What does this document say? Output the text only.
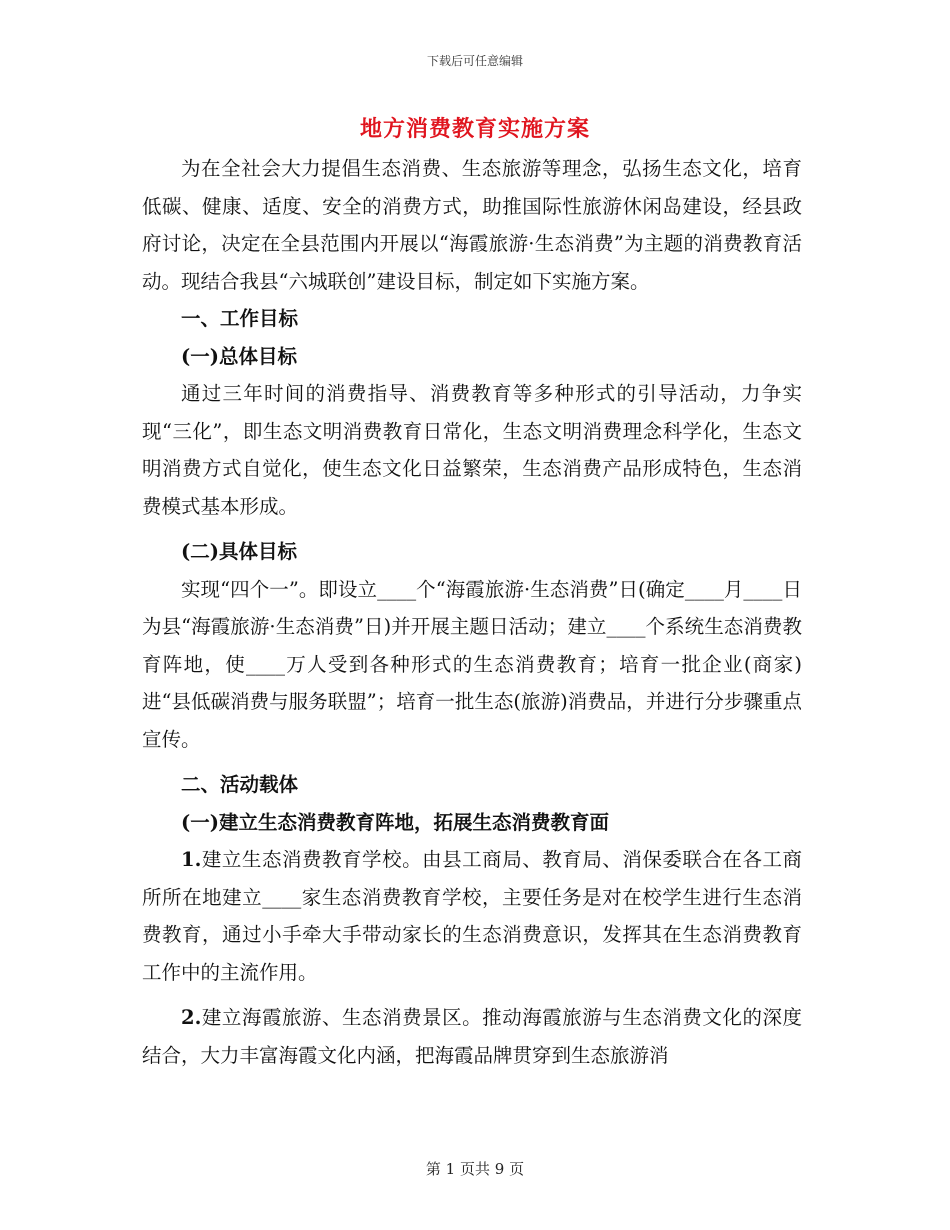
下载后可任意编辑
地方消费教育实施方案

为在全社会大力提倡生态消费、生态旅游等理念，弘扬生态文化，培育低碳、健康、适度、安全的消费方式，助推国际性旅游休闲岛建设，经县政府讨论，决定在全县范围内开展以“海霞旅游·生态消费”为主题的消费教育活动。现结合我县“六城联创”建设目标，制定如下实施方案。

一、工作目标

(一)总体目标

通过三年时间的消费指导、消费教育等多种形式的引导活动，力争实现“三化”，即生态文明消费教育日常化，生态文明消费理念科学化，生态文明消费方式自觉化，使生态文化日益繁荣，生态消费产品形成特色，生态消费模式基本形成。

(二)具体目标

实现“四个一”。即设立____个“海霞旅游·生态消费”日(确定____月____日为县“海霞旅游·生态消费”日)并开展主题日活动；建立____个系统生态消费教育阵地，使____万人受到各种形式的生态消费教育；培育一批企业(商家)进“县低碳消费与服务联盟”；培育一批生态(旅游)消费品，并进行分步骤重点宣传。

二、活动载体

(一)建立生态消费教育阵地，拓展生态消费教育面

1.建立生态消费教育学校。由县工商局、教育局、消保委联合在各工商所所在地建立____家生态消费教育学校，主要任务是对在校学生进行生态消费教育，通过小手牵大手带动家长的生态消费意识，发挥其在生态消费教育工作中的主流作用。

2.建立海霞旅游、生态消费景区。推动海霞旅游与生态消费文化的深度结合，大力丰富海霞文化内涵，把海霞品牌贯穿到生态旅游消

第 1 页共 9 页
